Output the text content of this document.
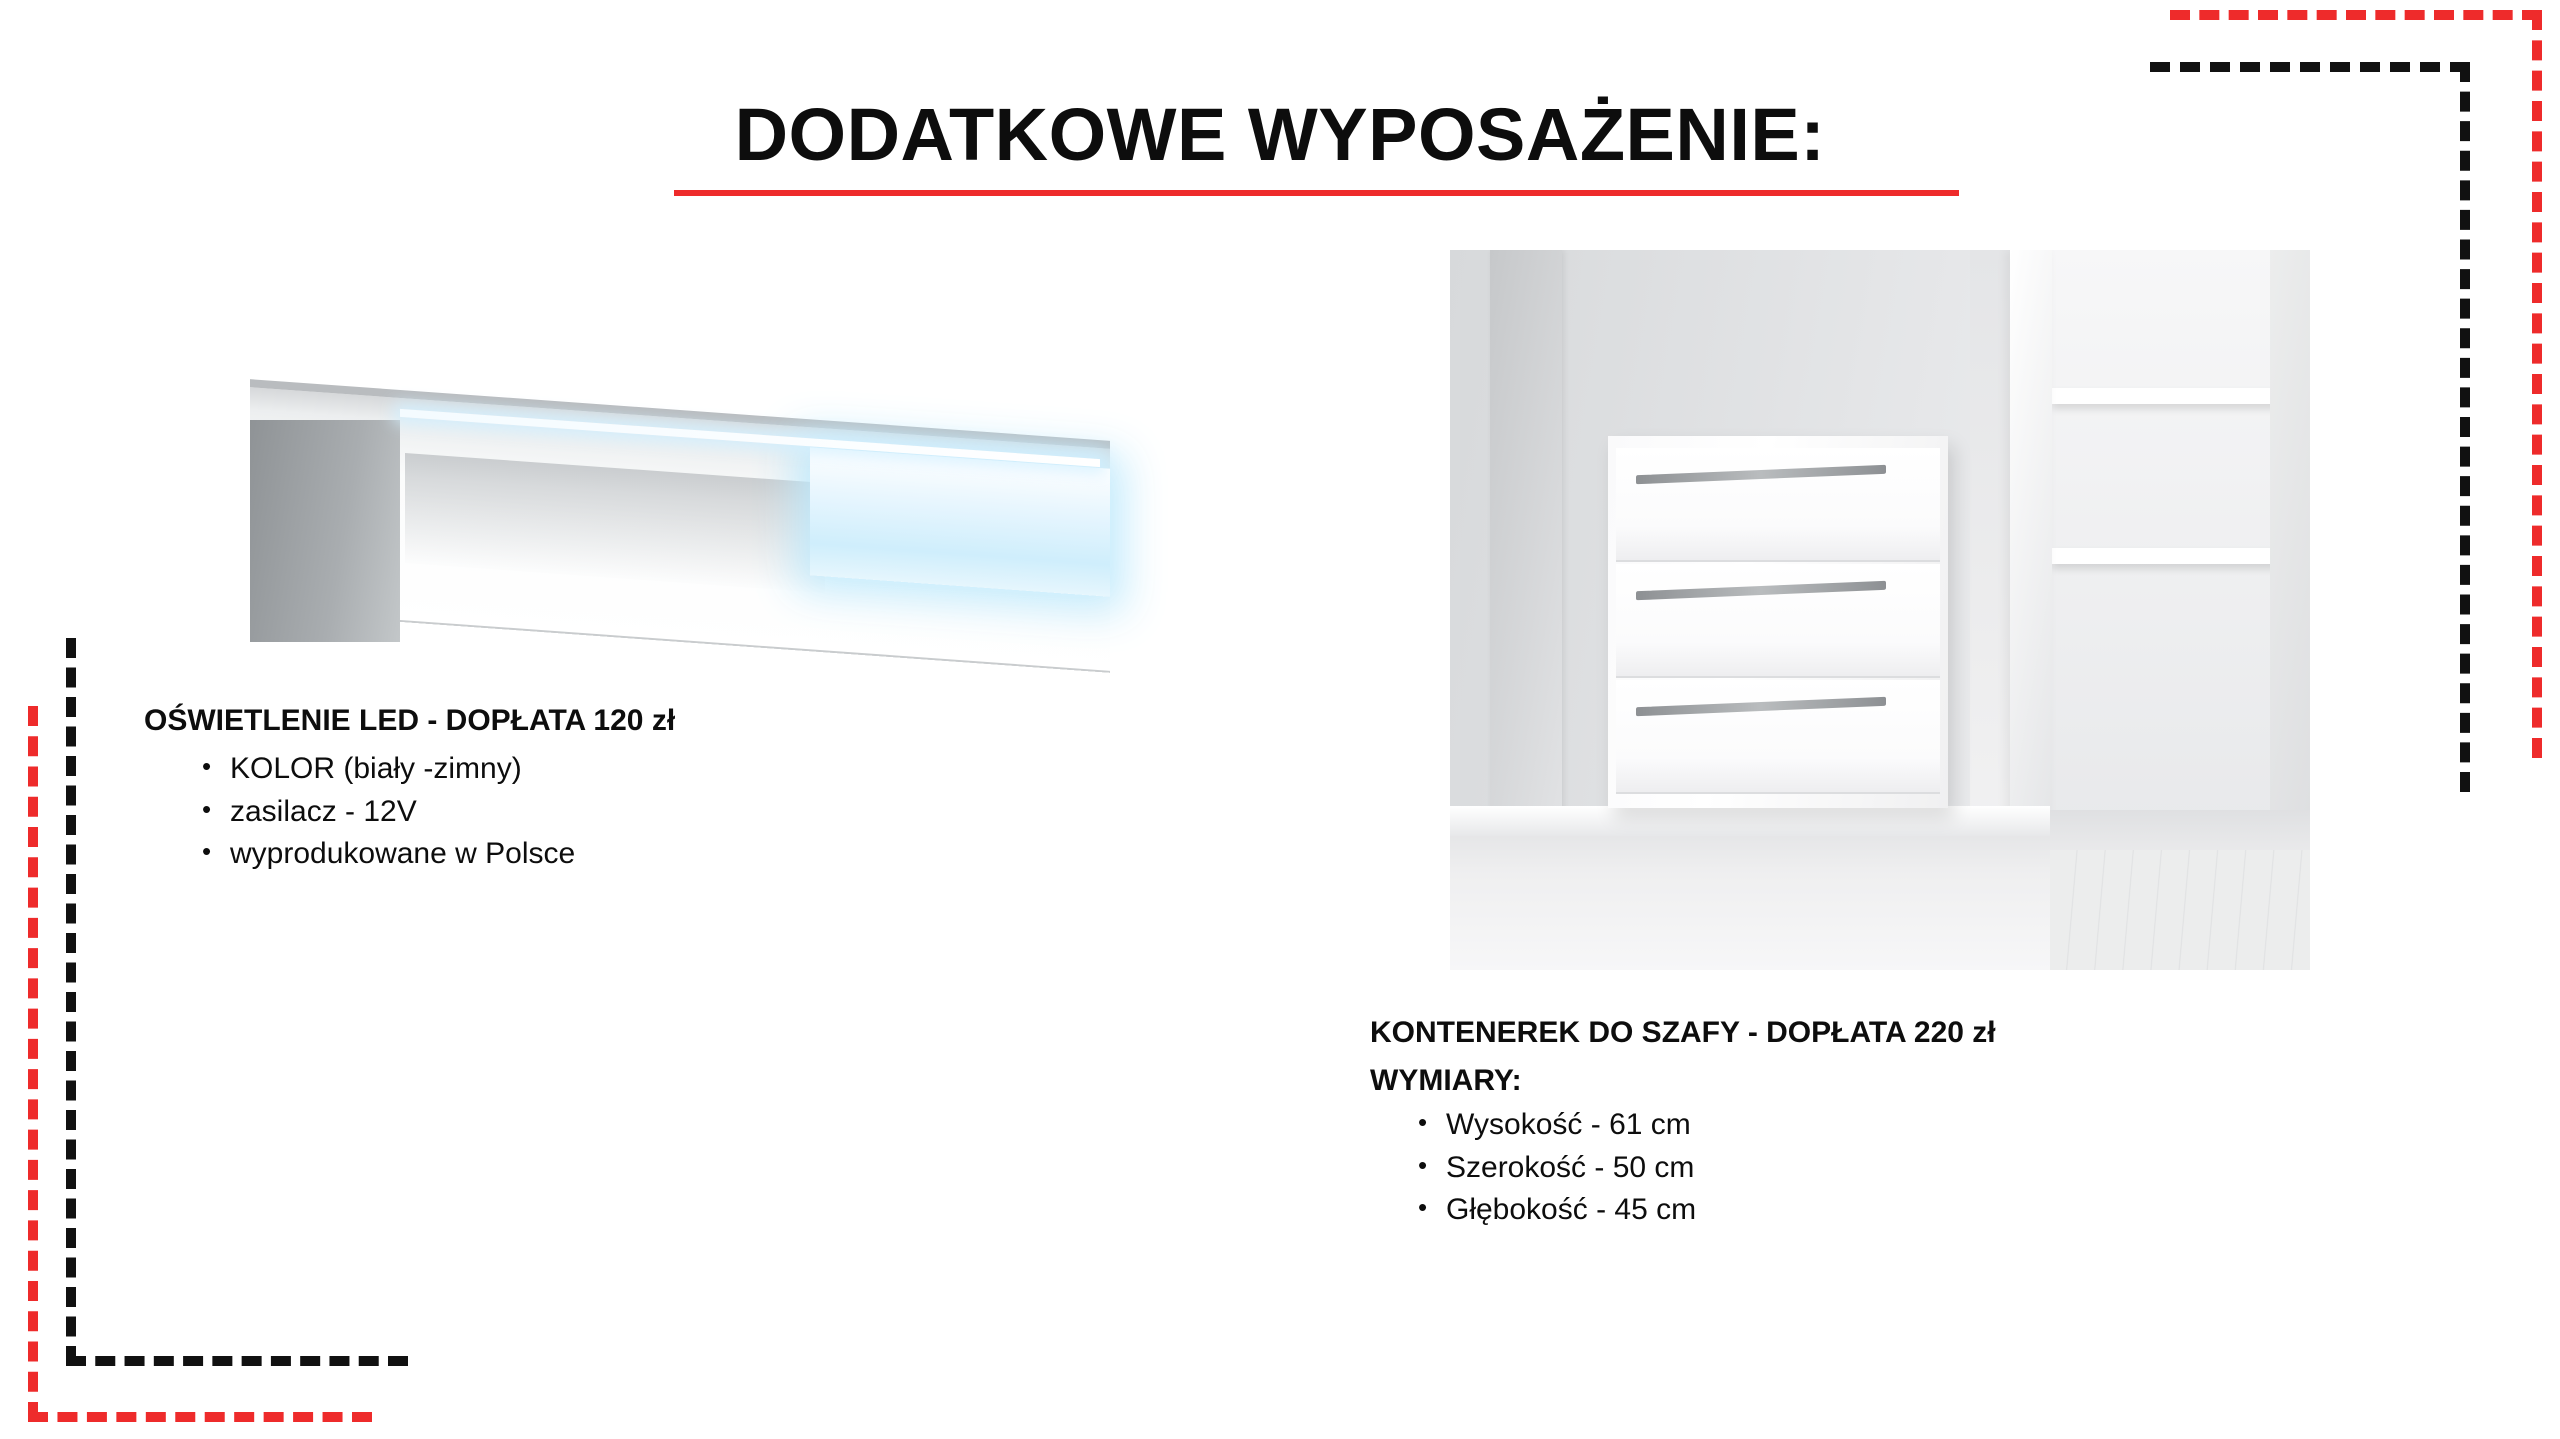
DODATKOWE WYPOSAŻENIE:
OŚWIETLENIE LED - DOPŁATA 120 zł
• KOLOR (biały -zimny)
• zasilacz - 12V
• wyprodukowane w Polsce
KONTENEREK DO SZAFY - DOPŁATA 220 zł
WYMIARY:
• Wysokość - 61 cm
• Szerokość - 50 cm
• Głębokość - 45 cm
